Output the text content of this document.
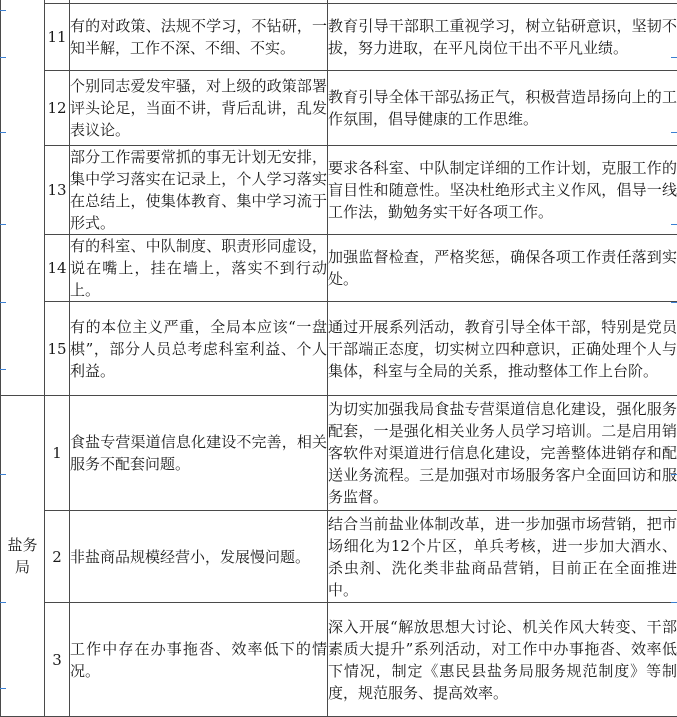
	11	有的对政策、法规不学习，不钻研，一知半解，工作不深、不细、不实。	教育引导干部职工重视学习，树立钻研意识，坚韧不拔，努力进取，在平凡岗位干出不平凡业绩。
	12	个别同志爱发牢骚，对上级的政策部署评头论足，当面不讲，背后乱讲，乱发表议论。	教育引导全体干部弘扬正气，积极营造昂扬向上的工作氛围，倡导健康的工作思维。
	13	部分工作需要常抓的事无计划无安排，集中学习落实在记录上，个人学习落实在总结上，使集体教育、集中学习流于形式。	要求各科室、中队制定详细的工作计划，克服工作的盲目性和随意性。坚决杜绝形式主义作风，倡导一线工作法，勤勉务实干好各项工作。
	14	有的科室、中队制度、职责形同虚设，说在嘴上，挂在墙上，落实不到行动上。	加强监督检查，严格奖惩，确保各项工作责任落到实处。
	15	有的本位主义严重，全局本应该“一盘棋”，部分人员总考虑科室利益、个人利益。	通过开展系列活动，教育引导全体干部，特别是党员干部端正态度，切实树立四种意识，正确处理个人与集体，科室与全局的关系，推动整体工作上台阶。
盐务局	1	食盐专营渠道信息化建设不完善，相关服务不配套问题。	为切实加强我局食盐专营渠道信息化建设，强化服务配套，一是强化相关业务人员学习培训。二是启用销客软件对渠道进行信息化建设，完善整体进销存和配送业务流程。三是加强对市场服务客户全面回访和服务监督。
	2	非盐商品规模经营小，发展慢问题。	结合当前盐业体制改革，进一步加强市场营销，把市场细化为12个片区，单兵考核，进一步加大酒水、杀虫剂、洗化类非盐商品营销，目前正在全面推进中。
	3	工作中存在办事拖沓、效率低下的情况。	深入开展“解放思想大讨论、机关作风大转变、干部素质大提升”系列活动，对工作中办事拖沓、效率低下情况，制定《惠民县盐务局服务规范制度》等制度，规范服务、提高效率。
